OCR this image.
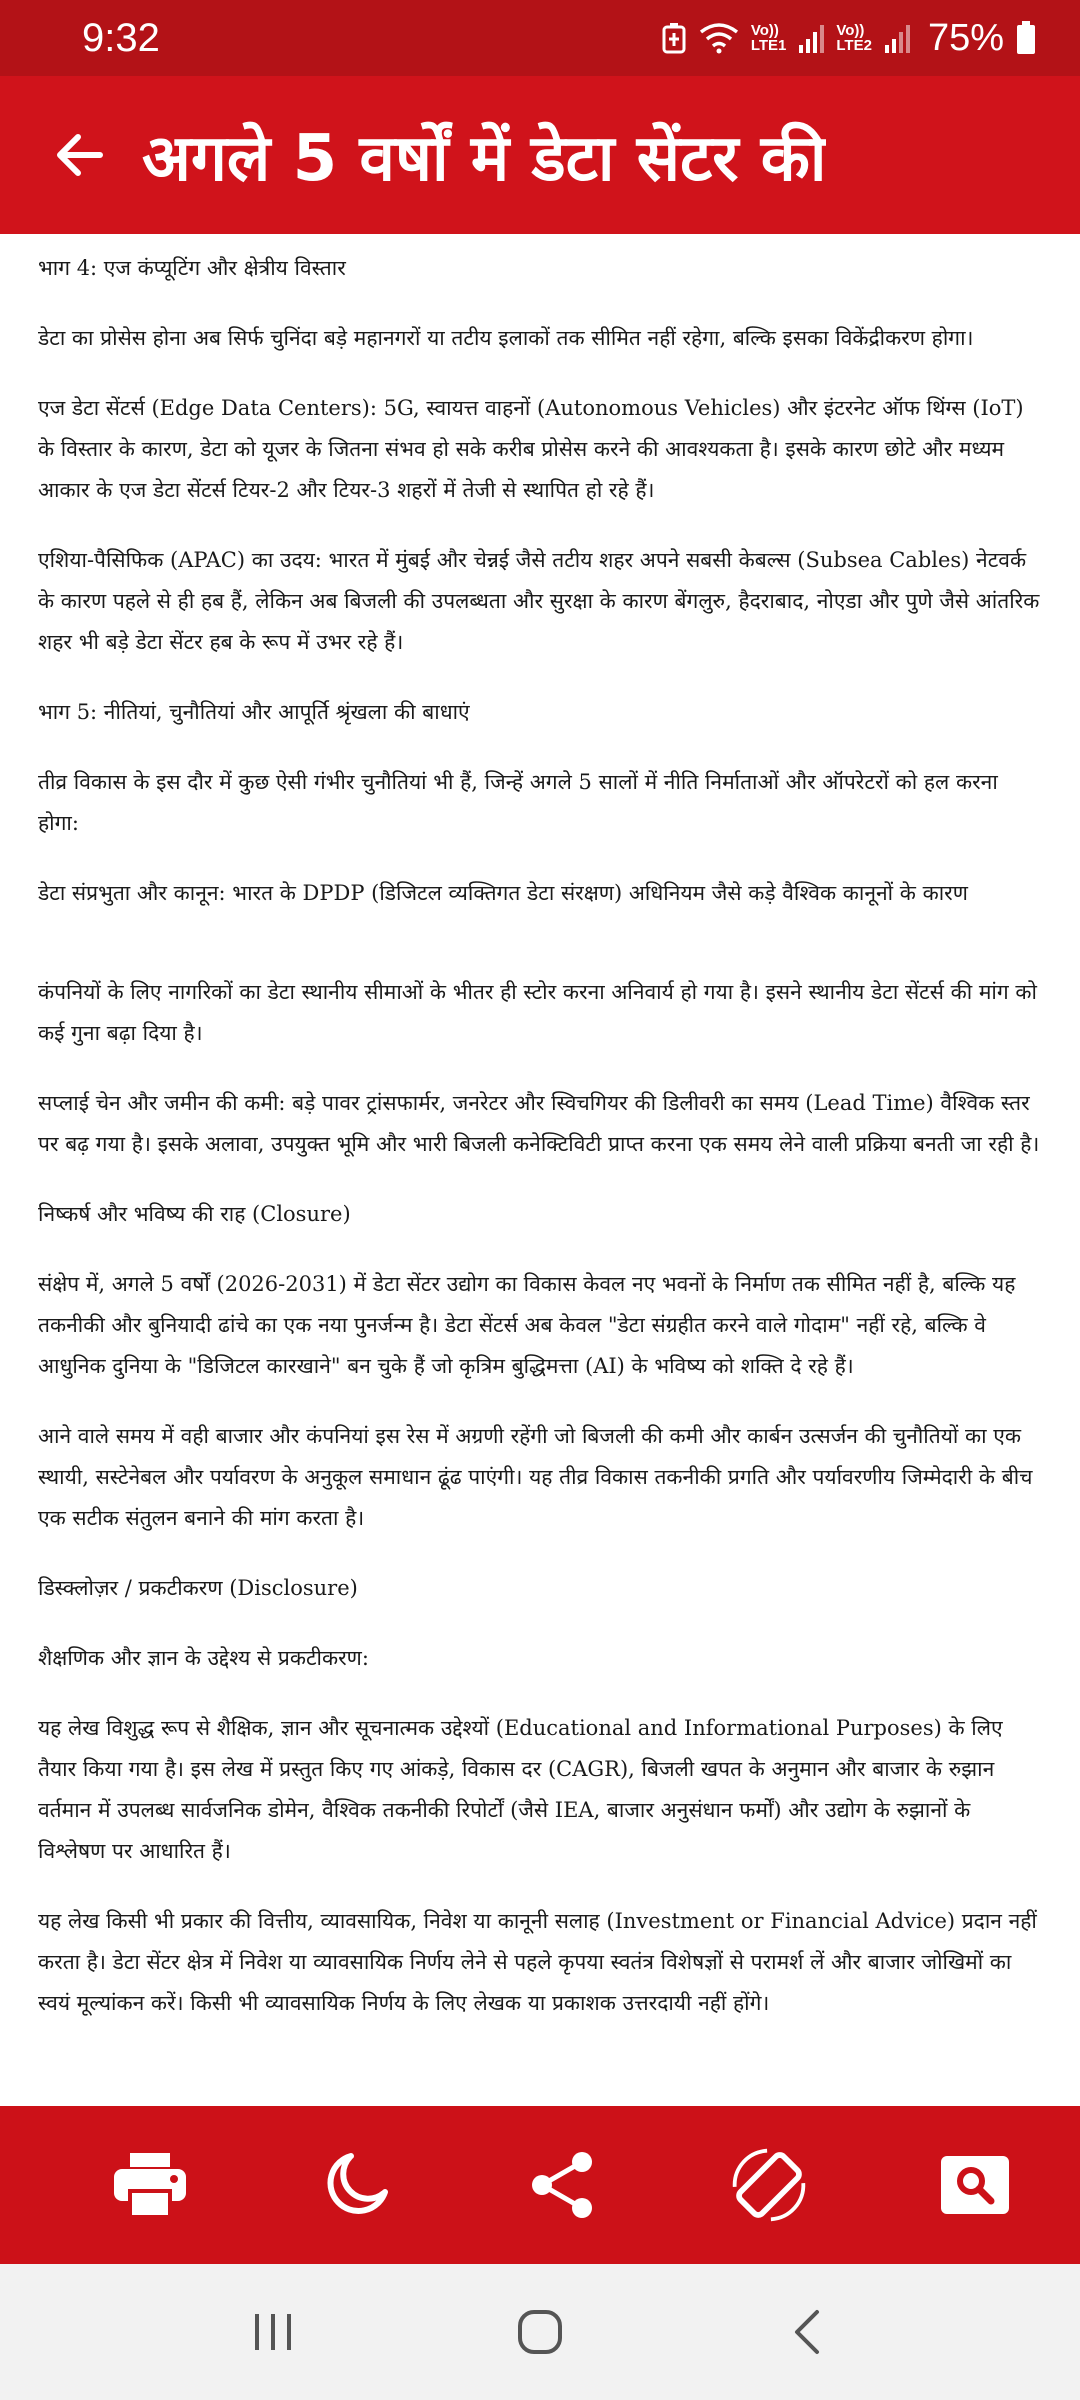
9:32	Vo))
LTE1
Vo))
LTE2 75%
अगले 5 वर्षों में डेटा सेंटर की

भाग 4: एज कंप्यूटिंग और क्षेत्रीय विस्तार

डेटा का प्रोसेस होना अब सिर्फ चुनिंदा बड़े महानगरों या तटीय इलाकों तक सीमित नहीं रहेगा, बल्कि इसका विकेंद्रीकरण होगा।

एज डेटा सेंटर्स (Edge Data Centers): 5G, स्वायत्त वाहनों (Autonomous Vehicles) और इंटरनेट ऑफ थिंग्स (IoT) के विस्तार के कारण, डेटा को यूजर के जितना संभव हो सके करीब प्रोसेस करने की आवश्यकता है। इसके कारण छोटे और मध्यम आकार के एज डेटा सेंटर्स टियर-2 और टियर-3 शहरों में तेजी से स्थापित हो रहे हैं।

एशिया-पैसिफिक (APAC) का उदय: भारत में मुंबई और चेन्नई जैसे तटीय शहर अपने सबसी केबल्स (Subsea Cables) नेटवर्क के कारण पहले से ही हब हैं, लेकिन अब बिजली की उपलब्धता और सुरक्षा के कारण बेंगलुरु, हैदराबाद, नोएडा और पुणे जैसे आंतरिक शहर भी बड़े डेटा सेंटर हब के रूप में उभर रहे हैं।

भाग 5: नीतियां, चुनौतियां और आपूर्ति श्रृंखला की बाधाएं

तीव्र विकास के इस दौर में कुछ ऐसी गंभीर चुनौतियां भी हैं, जिन्हें अगले 5 सालों में नीति निर्माताओं और ऑपरेटरों को हल करना होगा:

डेटा संप्रभुता और कानून: भारत के DPDP (डिजिटल व्यक्तिगत डेटा संरक्षण) अधिनियम जैसे कड़े वैश्विक कानूनों के कारण

कंपनियों के लिए नागरिकों का डेटा स्थानीय सीमाओं के भीतर ही स्टोर करना अनिवार्य हो गया है। इसने स्थानीय डेटा सेंटर्स की मांग को कई गुना बढ़ा दिया है।

सप्लाई चेन और जमीन की कमी: बड़े पावर ट्रांसफार्मर, जनरेटर और स्विचगियर की डिलीवरी का समय (Lead Time) वैश्विक स्तर पर बढ़ गया है। इसके अलावा, उपयुक्त भूमि और भारी बिजली कनेक्टिविटी प्राप्त करना एक समय लेने वाली प्रक्रिया बनती जा रही है।

निष्कर्ष और भविष्य की राह (Closure)

संक्षेप में, अगले 5 वर्षों (2026-2031) में डेटा सेंटर उद्योग का विकास केवल नए भवनों के निर्माण तक सीमित नहीं है, बल्कि यह तकनीकी और बुनियादी ढांचे का एक नया पुनर्जन्म है। डेटा सेंटर्स अब केवल "डेटा संग्रहीत करने वाले गोदाम" नहीं रहे, बल्कि वे आधुनिक दुनिया के "डिजिटल कारखाने" बन चुके हैं जो कृत्रिम बुद्धिमत्ता (AI) के भविष्य को शक्ति दे रहे हैं।

आने वाले समय में वही बाजार और कंपनियां इस रेस में अग्रणी रहेंगी जो बिजली की कमी और कार्बन उत्सर्जन की चुनौतियों का एक स्थायी, सस्टेनेबल और पर्यावरण के अनुकूल समाधान ढूंढ पाएंगी। यह तीव्र विकास तकनीकी प्रगति और पर्यावरणीय जिम्मेदारी के बीच एक सटीक संतुलन बनाने की मांग करता है।

डिस्क्लोज़र / प्रकटीकरण (Disclosure)

शैक्षणिक और ज्ञान के उद्देश्य से प्रकटीकरण:

यह लेख विशुद्ध रूप से शैक्षिक, ज्ञान और सूचनात्मक उद्देश्यों (Educational and Informational Purposes) के लिए तैयार किया गया है। इस लेख में प्रस्तुत किए गए आंकड़े, विकास दर (CAGR), बिजली खपत के अनुमान और बाजार के रुझान वर्तमान में उपलब्ध सार्वजनिक डोमेन, वैश्विक तकनीकी रिपोर्टों (जैसे IEA, बाजार अनुसंधान फर्मों) और उद्योग के रुझानों के विश्लेषण पर आधारित हैं।

यह लेख किसी भी प्रकार की वित्तीय, व्यावसायिक, निवेश या कानूनी सलाह (Investment or Financial Advice) प्रदान नहीं करता है। डेटा सेंटर क्षेत्र में निवेश या व्यावसायिक निर्णय लेने से पहले कृपया स्वतंत्र विशेषज्ञों से परामर्श लें और बाजार जोखिमों का स्वयं मूल्यांकन करें। किसी भी व्यावसायिक निर्णय के लिए लेखक या प्रकाशक उत्तरदायी नहीं होंगे।
